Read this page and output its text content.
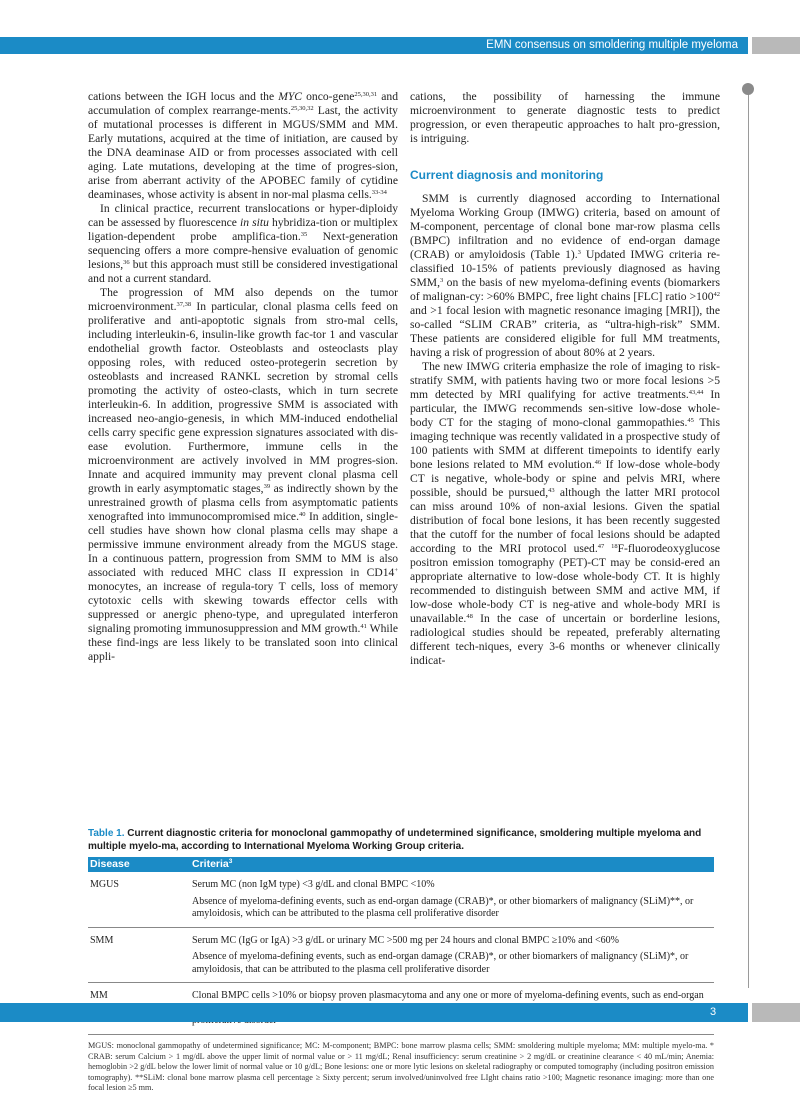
EMN consensus on smoldering multiple myeloma

cations between the IGH locus and the MYC onco-gene$^{25,30,31}$ and accumulation of complex rearrange-ments.$^{25,30,32}$ Last, the activity of mutational processes is different in MGUS/SMM and MM. Early mutations, acquired at the time of initiation, are caused by the DNA deaminase AID or from processes associated with cell aging. Late mutations, developing at the time of progres-sion, arise from aberrant activity of the APOBEC family of cytidine deaminases, whose activity is absent in nor-mal plasma cells.$^{33-34}$

In clinical practice, recurrent translocations or hyper-diploidy can be assessed by fluorescence in situ hybridiza-tion or multiplex ligation-dependent probe amplifica-tion.$^{35}$ Next-generation sequencing offers a more compre-hensive evaluation of genomic lesions,$^{36}$ but this approach must still be considered investigational and not a current standard.

The progression of MM also depends on the tumor microenvironment.$^{37,38}$ In particular, clonal plasma cells feed on proliferative and anti-apoptotic signals from stro-mal cells, including interleukin-6, insulin-like growth fac-tor 1 and vascular endothelial growth factor. Osteoblasts and osteoclasts play opposing roles, with reduced osteo-protegerin secretion by osteoblasts and increased RANKL secretion by stromal cells promoting the activity of osteo-clasts, which in turn secrete interleukin-6. In addition, progressive SMM is associated with increased neo-angio-genesis, in which MM-induced endothelial cells carry specific gene expression signatures associated with dis-ease evolution. Furthermore, immune cells in the microenvironment are actively involved in MM progres-sion. Innate and acquired immunity may prevent clonal plasma cell growth in early asymptomatic stages,$^{39}$ as indirectly shown by the unrestrained growth of plasma cells from asymptomatic patients xenografted into immunocompromised mice.$^{40}$ In addition, single-cell studies have shown how clonal plasma cells may shape a permissive immune environment already from the MGUS stage. In a continuous pattern, progression from SMM to MM is also associated with reduced MHC class II expression in CD14+ monocytes, an increase of regula-tory T cells, loss of memory cytotoxic cells with skewing towards effector cells with suppressed or anergic pheno-type, and upregulated interferon signaling promoting immunosuppression and MM growth.$^{41}$ While these find-ings are less likely to be translated soon into clinical appli-

cations, the possibility of harnessing the immune microenvironment to generate diagnostic tests to predict progression, or even therapeutic approaches to halt pro-gression, is intriguing.

Current diagnosis and monitoring

SMM is currently diagnosed according to International Myeloma Working Group (IMWG) criteria, based on amount of M-component, percentage of clonal bone mar-row plasma cells (BMPC) infiltration and no evidence of end-organ damage (CRAB) or amyloidosis (Table 1).$^3$ Updated IMWG criteria re-classified 10-15% of patients previously diagnosed as having SMM,$^3$ on the basis of new myeloma-defining events (biomarkers of malignan-cy: >60% BMPC, free light chains [FLC] ratio $>100^{42}$ and >1 focal lesion with magnetic resonance imaging [MRI]), the so-called “SLIM CRAB” criteria, as “ultra-high-risk” SMM. These patients are considered eligible for full MM treatments, having a risk of progression of about 80% at 2 years.

The new IMWG criteria emphasize the role of imaging to risk-stratify SMM, with patients having two or more focal lesions >5 mm detected by MRI qualifying for active treatments.$^{43,44}$ In particular, the IMWG recommends sen-sitive low-dose whole-body CT for the staging of mono-clonal gammopathies.$^{45}$ This imaging technique was recently validated in a prospective study of 100 patients with SMM at different timepoints to identify early bone lesions related to MM evolution.$^{46}$ If low-dose whole-body CT is negative, whole-body or spine and pelvis MRI, where possible, should be pursued,$^{43}$ although the latter MRI protocol can miss around 10% of non-axial lesions. Given the spatial distribution of focal bone lesions, it has been recently suggested that the cutoff for the number of focal lesions should be adapted according to the MRI protocol used.$^{47}$ $^{18}$F-fluorodeoxyglucose positron emission tomography (PET)-CT may be consid-ered an appropriate alternative to low-dose whole-body CT. It is highly recommended to distinguish between SMM and active MM, if low-dose whole-body CT is neg-ative and whole-body MRI is unavailable.$^{48}$ In the case of uncertain or borderline lesions, radiological studies should be repeated, preferably alternating different tech-niques, every 3-6 months or whenever clinically indicat-

Table 1. Current diagnostic criteria for monoclonal gammopathy of undetermined significance, smoldering multiple myeloma and multiple myelo-ma, according to International Myeloma Working Group criteria.
Disease	Criteria$^3$
MGUS	Serum MC (non IgM type) <3 g/dL and clonal BMPC <10%
Absence of myeloma-defining events, such as end-organ damage (CRAB)*, or other biomarkers of malignancy (SLiM)**, or amyloidosis, which can be attributed to the plasma cell proliferative disorder
SMM	Serum MC (IgG or IgA) >3 g/dL or urinary MC >500 mg per 24 hours and clonal BMPC ≥10% and <60%
Absence of myeloma-defining events, such as end-organ damage (CRAB)*, or other biomarkers of malignancy (SLiM)*, or amyloidosis, that can be attributed to the plasma cell proliferative disorder
MM	Clonal BMPC cells >10% or biopsy proven plasmacytoma and any one or more of myeloma-defining events, such as end-organ
MGUS: monoclonal gammopathy of undetermined significance; MC: M-component; BMPC: bone marrow plasma cells; SMM: smoldering multiple myeloma; MM: multiple myelo-ma. * CRAB: serum Calcium > 1 mg/dL above the upper limit of normal value or > 11 mg/dL; Renal insufficiency: serum creatinine > 2 mg/dL or creatinine clearance < 40 mL/min; Anemia: hemoglobin >2 g/dL below the lower limit of normal value or 10 g/dL; Bone lesions: one or more lytic lesions on skeletal radiography or computed tomography (including positron emission tomography). **SLiM: clonal bone marrow plasma cell percentage ≥ Sixty percent; serum involved/uninvolved free LIght chains ratio >100; Magnetic resonance imaging: more than one focal lesion ≥5 mm.
3
